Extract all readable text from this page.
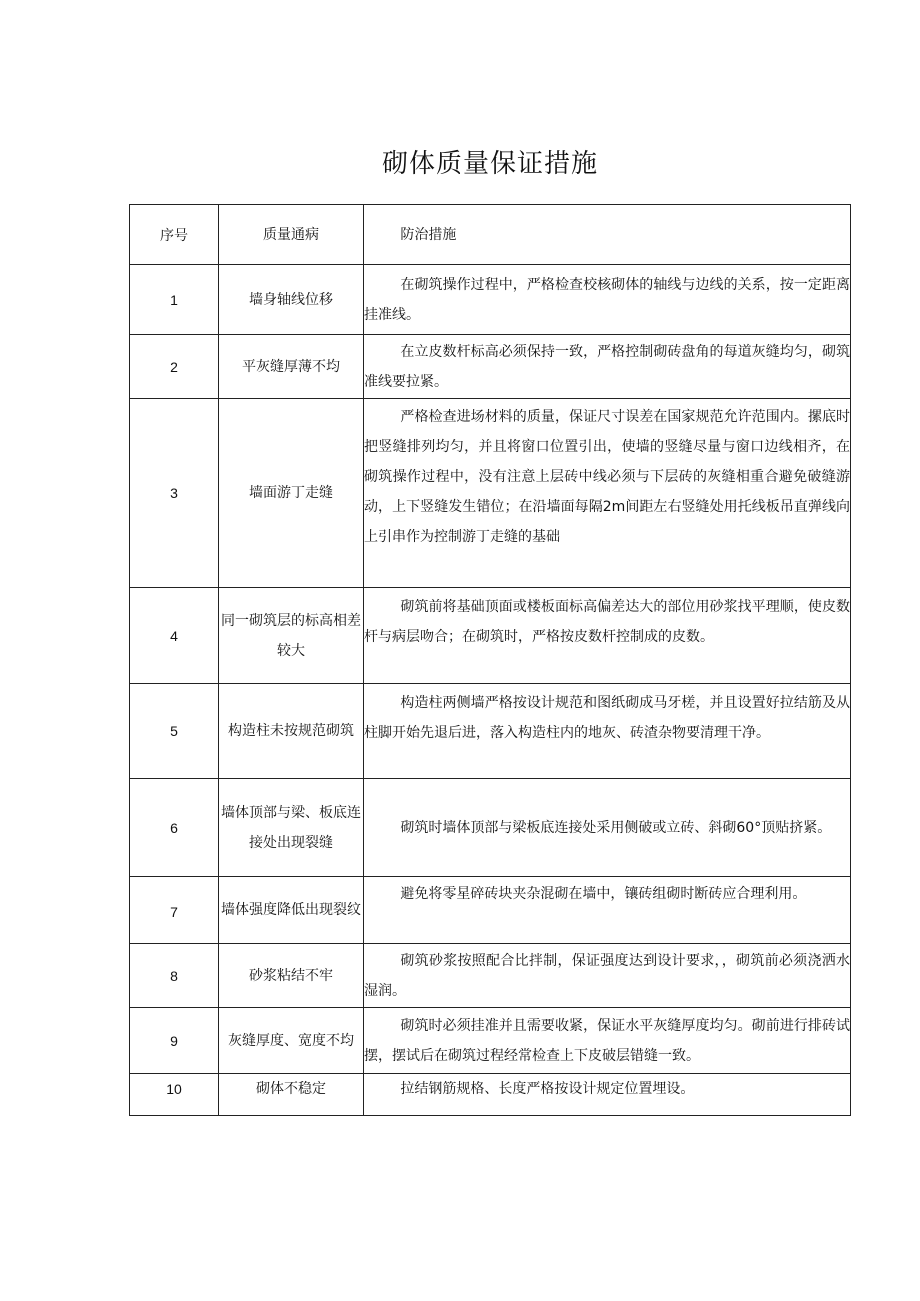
砌体质量保证措施
序号	质量通病	防治措施

1	墙身轴线位移	在砌筑操作过程中，严格检查校核砌体的轴线与边线的关系，按一定距离挂准线。

2	平灰缝厚薄不均	在立皮数杆标高必须保持一致，严格控制砌砖盘角的每道灰缝均匀，砌筑准线要拉紧。

3	墙面游丁走缝	严格检查进场材料的质量，保证尺寸误差在国家规范允许范围内。摞底时把竖缝排列均匀，并且将窗口位置引出，使墙的竖缝尽量与窗口边线相齐，在砌筑操作过程中，没有注意上层砖中线必须与下层砖的灰缝相重合避免破缝游动，上下竖缝发生错位；在沿墙面每隔2m间距左右竖缝处用托线板吊直弹线向上引串作为控制游丁走缝的基础

4	同一砌筑层的标高相差较大	砌筑前将基础顶面或楼板面标高偏差达大的部位用砂浆找平理顺，使皮数杆与病层吻合；在砌筑时，严格按皮数杆控制成的皮数。

5	构造柱未按规范砌筑	构造柱两侧墙严格按设计规范和图纸砌成马牙槎，并且设置好拉结筋及从柱脚开始先退后进，落入构造柱内的地灰、砖渣杂物要清理干净。

6	墙体顶部与梁、板底连接处出现裂缝	砌筑时墙体顶部与梁板底连接处采用侧破或立砖、斜砌60°顶贴挤紧。

7	墙体强度降低出现裂纹	避免将零星碎砖块夹杂混砌在墙中，镶砖组砌时断砖应合理利用。

8	砂浆粘结不牢	砌筑砂浆按照配合比拌制，保证强度达到设计要求，，砌筑前必须浇洒水湿润。

9	灰缝厚度、宽度不均	砌筑时必须挂准并且需要收紧，保证水平灰缝厚度均匀。砌前进行排砖试摆，摆试后在砌筑过程经常检查上下皮破层错缝一致。

10	砌体不稳定	拉结钢筋规格、长度严格按设计规定位置埋设。
